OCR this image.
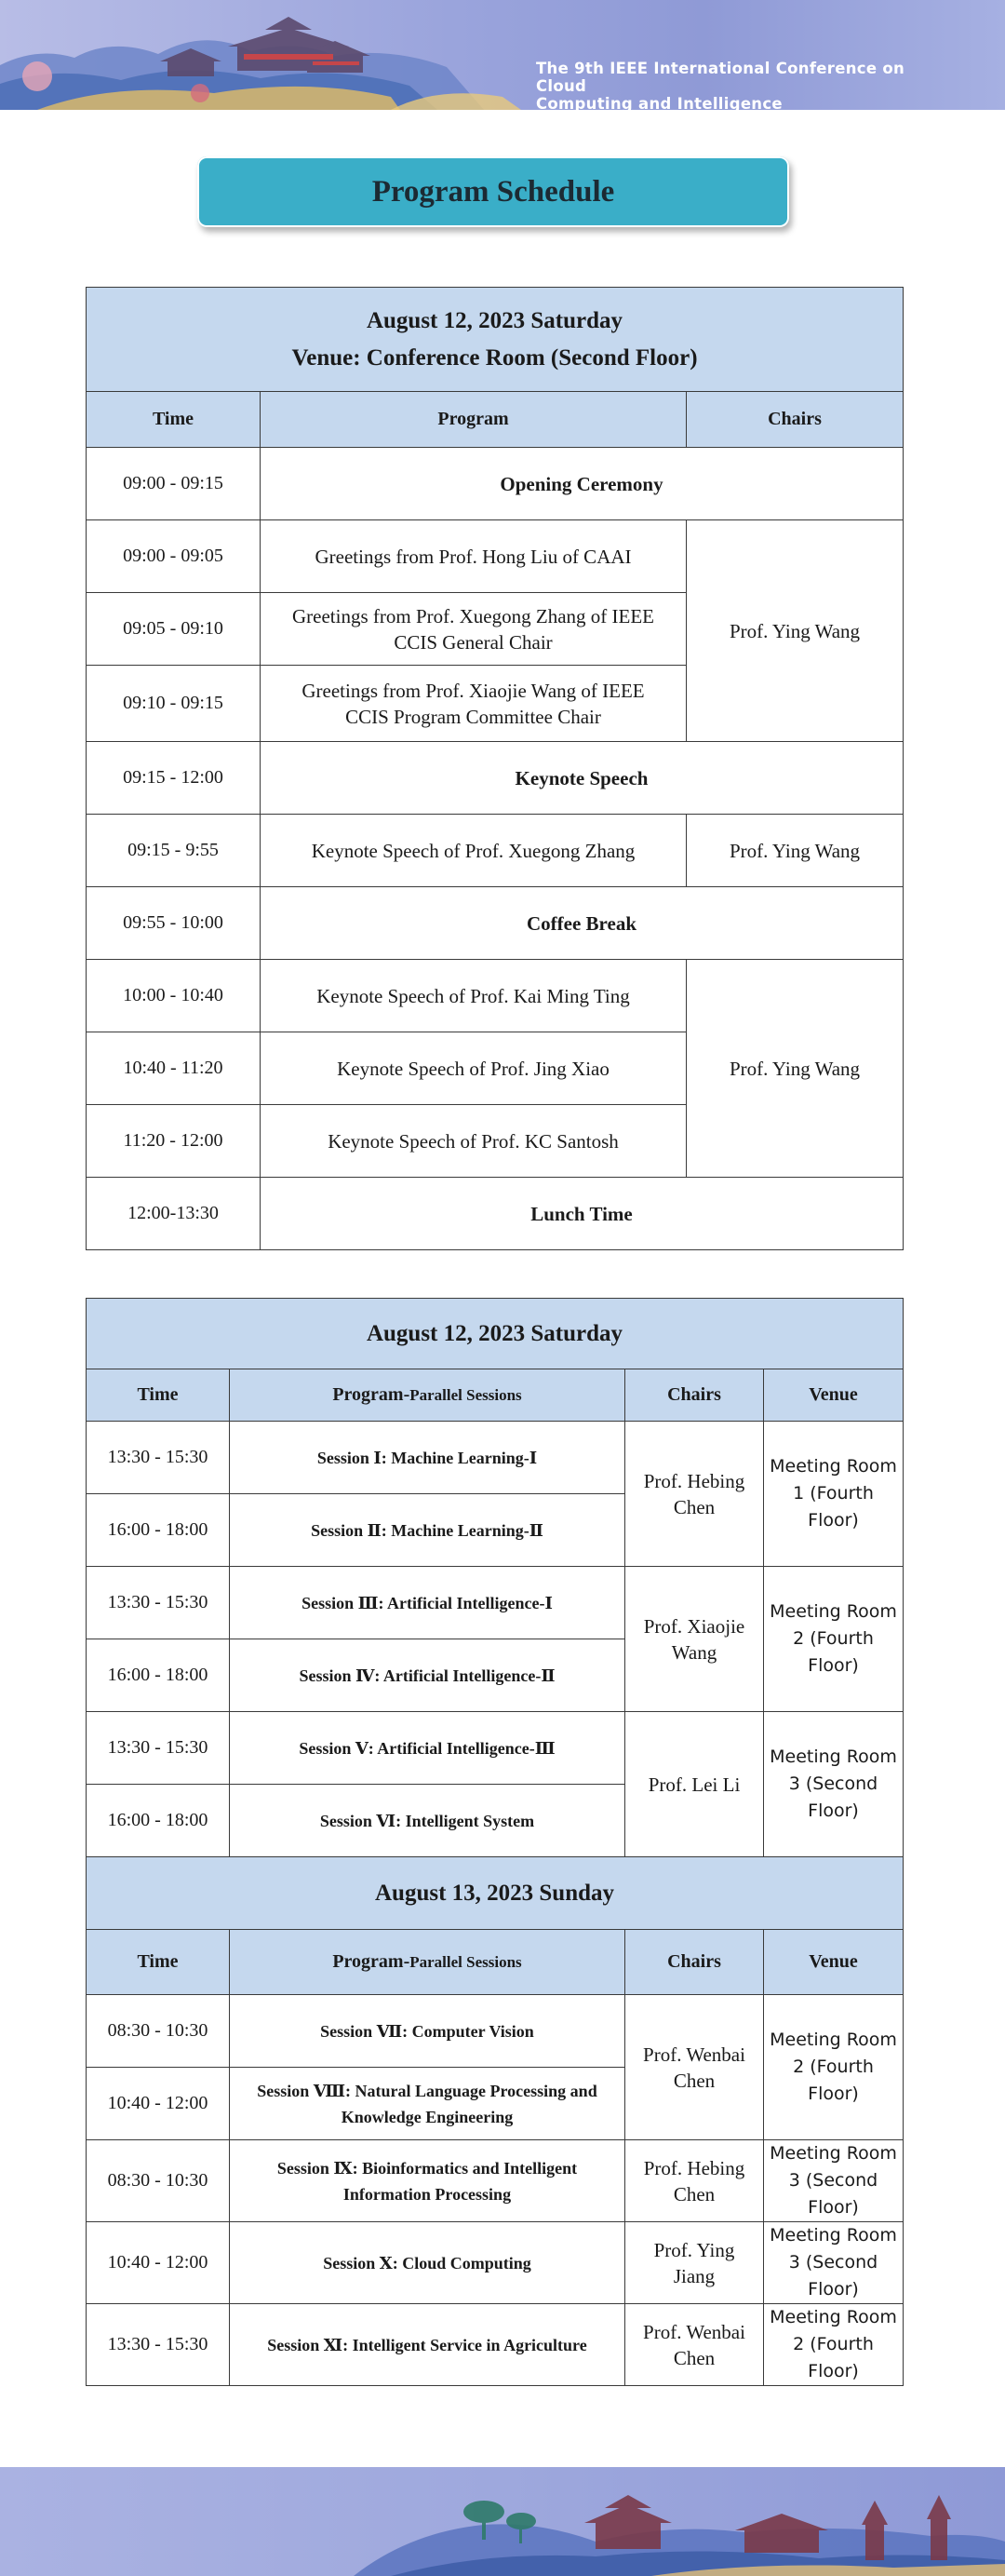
The 9th IEEE International Conference on Cloud
Computing and Intelligence Systems(CCIS2023)
Program Schedule
August 12, 2023 Saturday
Venue: Conference Room (Second Floor)		

Time	Program	Chairs
09:00 - 09:15	Opening Ceremony	
09:00 - 09:05	Greetings from Prof. Hong Liu of CAAI	Prof. Ying Wang
09:05 - 09:10	Greetings from Prof. Xuegong Zhang of IEEE CCIS General Chair	
09:10 - 09:15	Greetings from Prof. Xiaojie Wang of IEEE CCIS Program Committee Chair	
09:15 - 12:00	Keynote Speech	
09:15 - 9:55	Keynote Speech of Prof. Xuegong Zhang	Prof. Ying Wang
09:55 - 10:00	Coffee Break	
10:00 - 10:40	Keynote Speech of Prof. Kai Ming Ting	Prof. Ying Wang
10:40 - 11:20	Keynote Speech of Prof. Jing Xiao	
11:20 - 12:00	Keynote Speech of Prof. KC Santosh	
12:00-13:30	Lunch Time	
August 12, 2023 Saturday			
Time	Program-Parallel Sessions	Chairs	Venue
13:30 - 15:30	Session Ⅰ: Machine Learning-Ⅰ	Prof. Hebing Chen	Meeting Room 1 (Fourth Floor)
16:00 - 18:00	Session Ⅱ: Machine Learning-Ⅱ		
13:30 - 15:30	Session Ⅲ: Artificial Intelligence-Ⅰ	Prof. Xiaojie Wang	Meeting Room 2 (Fourth Floor)
16:00 - 18:00	Session Ⅳ: Artificial Intelligence-Ⅱ		
13:30 - 15:30	Session Ⅴ: Artificial Intelligence-Ⅲ	Prof. Lei Li	Meeting Room 3 (Second Floor)
16:00 - 18:00	Session Ⅵ: Intelligent System		
August 13, 2023 Sunday			
Time	Program-Parallel Sessions	Chairs	Venue
08:30 - 10:30	Session Ⅶ: Computer Vision	Prof. Wenbai Chen	Meeting Room 2 (Fourth Floor)
10:40 - 12:00	Session Ⅷ: Natural Language Processing and Knowledge Engineering		
08:30 - 10:30	Session Ⅸ: Bioinformatics and Intelligent Information Processing	Prof. Hebing Chen	Meeting Room 3 (Second Floor)
10:40 - 12:00	Session Ⅹ: Cloud Computing	Prof. Ying Jiang	Meeting Room 3 (Second Floor)
13:30 - 15:30	Session Ⅺ: Intelligent Service in Agriculture	Prof. Wenbai Chen	Meeting Room 2 (Fourth Floor)
